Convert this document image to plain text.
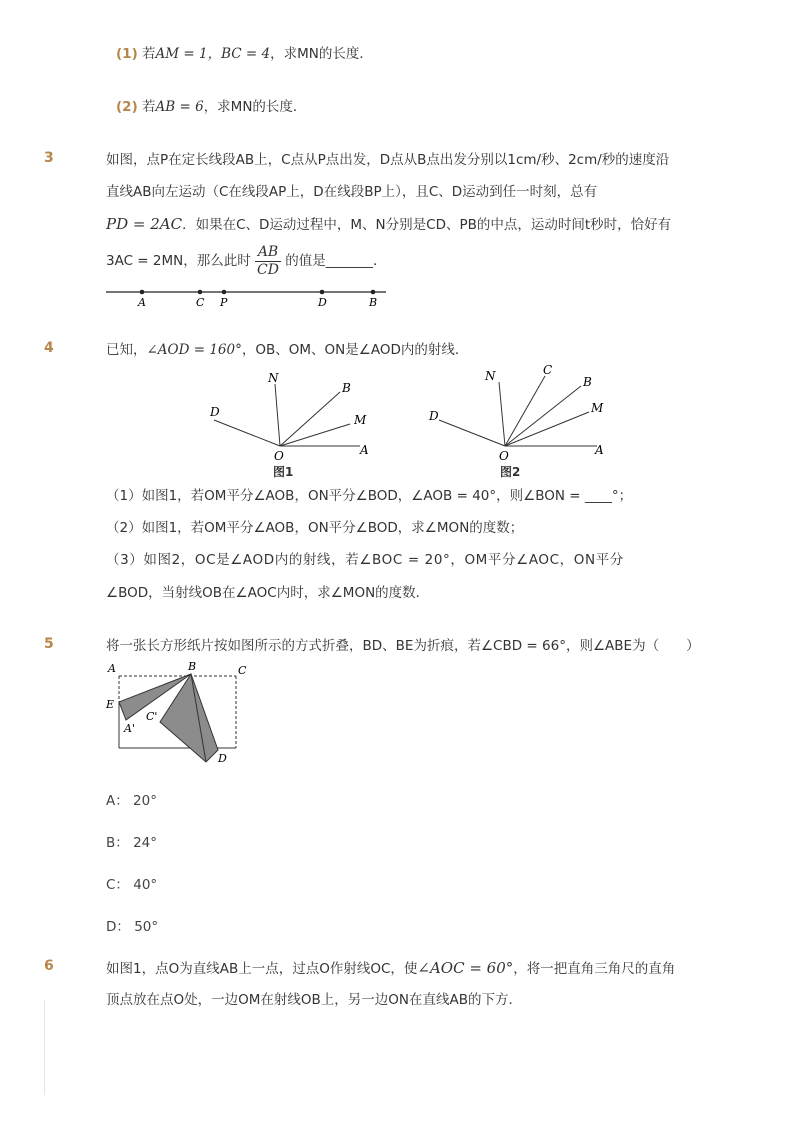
(1) 若AM = 1，BC = 4，求MN的长度．
(2) 若AB = 6，求MN的长度．
3	如图，点P在定长线段AB上，C点从P点出发，D点从B点出发分别以1cm/秒、2cm/秒的速度沿
直线AB向左运动（C在线段AP上，D在线段BP上），且C、D运动到任一时刻，总有
PD = 2AC．如果在C、D运动过程中，M、N分别是CD、PB的中点，运动时间t秒时，恰好有
3AC = 2MN，那么此时 $\frac{AB}{CD}$ 的值是_______．
A	C P	D	B
4	已知，∠AOD = 160°，OB、OM、ON是∠AOD内的射线．
N
B
D
M
A
O
图1
N	C
B
M
D
A
O
图2
（1）如图1，若OM平分∠AOB，ON平分∠BOD，∠AOB = 40°，则∠BON = ____°；
（2）如图1，若OM平分∠AOB，ON平分∠BOD，求∠MON的度数；
（3）如图2，OC是∠AOD内的射线，若∠BOC = 20°，OM平分∠AOC，ON平分
∠BOD，当射线OB在∠AOC内时，求∠MON的度数．
5	将一张长方形纸片按如图所示的方式折叠，BD、BE为折痕，若∠CBD = 66°，则∠ABE为（　　）
A	B	C
E
C'
A'
D
A： 20°
B： 24°
C： 40°
D： 50°
6	如图1，点O为直线AB上一点，过点O作射线OC，使∠AOC = 60°，将一把直角三角尺的直角
顶点放在点O处，一边OM在射线OB上，另一边ON在直线AB的下方．
